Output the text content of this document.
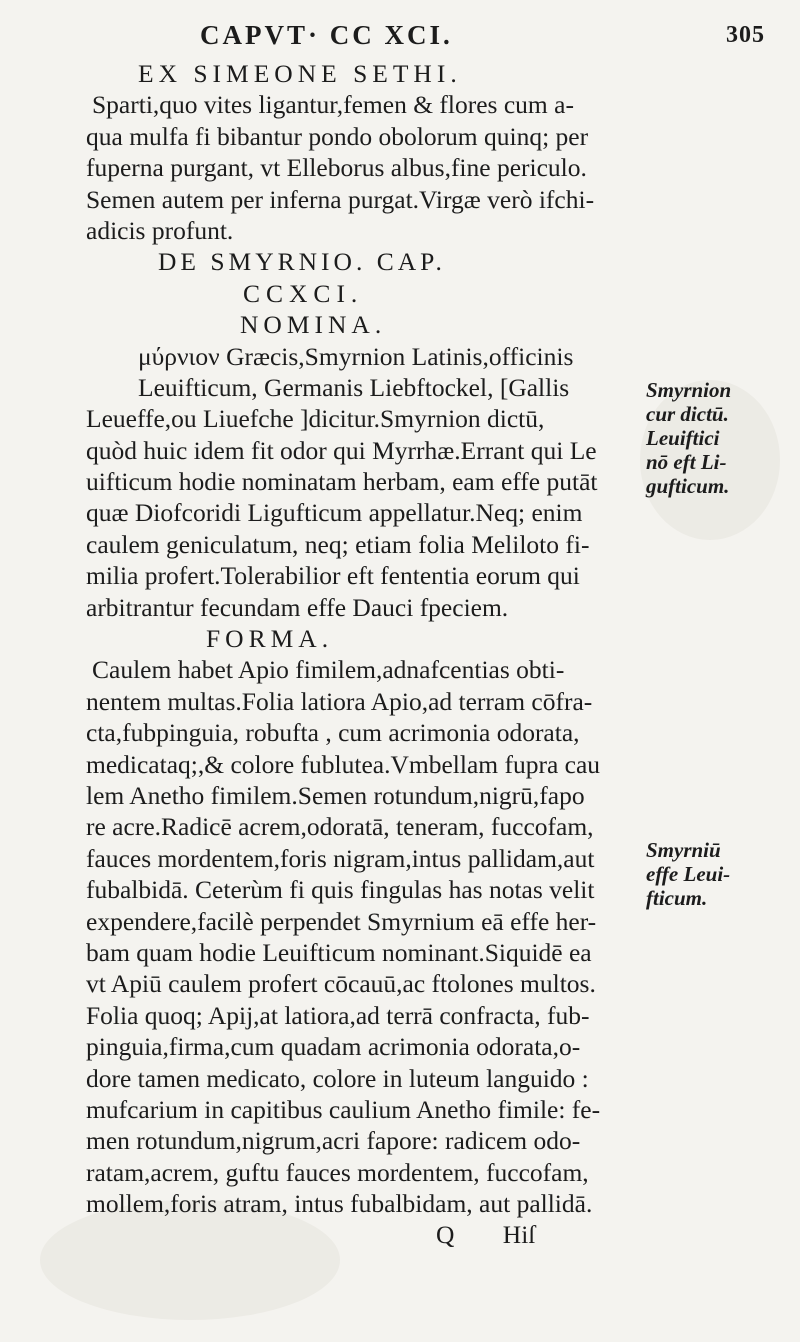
CAPVT· CC XCI.	305
EX SIMEONE SETHI.
Sparti,quo vites ligantur,femen & flores cum a-
qua mulfa fi bibantur pondo obolorum quinq; per
fuperna purgant, vt Elleborus albus,fine periculo.
Semen autem per inferna purgat.Virgæ verò ifchi-
adicis profunt.
DE SMYRNIO. CAP.
CCXCI.
NOMINA.
μύρνιον Græcis,Smyrnion Latinis,officinis
Leuifticum, Germanis Liebftockel, [Gallis
Leueffe,ou Liuefche ]dicitur.Smyrnion dictū,
quòd huic idem fit odor qui Myrrhæ.Errant qui Le
uifticum hodie nominatam herbam, eam effe putāt
quæ Diofcoridi Ligufticum appellatur.Neq; enim
caulem geniculatum, neq; etiam folia Meliloto fi-
milia profert.Tolerabilior eft fententia eorum qui
arbitrantur fecundam effe Dauci fpeciem.
FORMA.
Caulem habet Apio fimilem,adnafcentias obti-
nentem multas.Folia latiora Apio,ad terram cōfra-
cta,fubpinguia, robufta , cum acrimonia odorata,
medicataq;,& colore fublutea.Vmbellam fupra cau
lem Anetho fimilem.Semen rotundum,nigrū,fapo
re acre.Radicē acrem,odoratā, teneram, fuccofam,
fauces mordentem,foris nigram,intus pallidam,aut
fubalbidā. Ceterùm fi quis fingulas has notas velit
expendere,facilè perpendet Smyrnium eā effe her-
bam quam hodie Leuifticum nominant.Siquidē ea
vt Apiū caulem profert cōcauū,ac ftolones multos.
Folia quoq; Apij,at latiora,ad terrā confracta, fub-
pinguia,firma,cum quadam acrimonia odorata,o-
dore tamen medicato, colore in luteum languido :
mufcarium in capitibus caulium Anetho fimile: fe-
men rotundum,nigrum,acri fapore: radicem odo-
ratam,acrem, guftu fauces mordentem, fuccofam,
mollem,foris atram, intus fubalbidam, aut pallidā.
Q Hiſ
Smyrnion
cur dictū.
Leuiftici
nō eft Li-
gufticum.
Smyrniū
effe Leui-
fticum.
